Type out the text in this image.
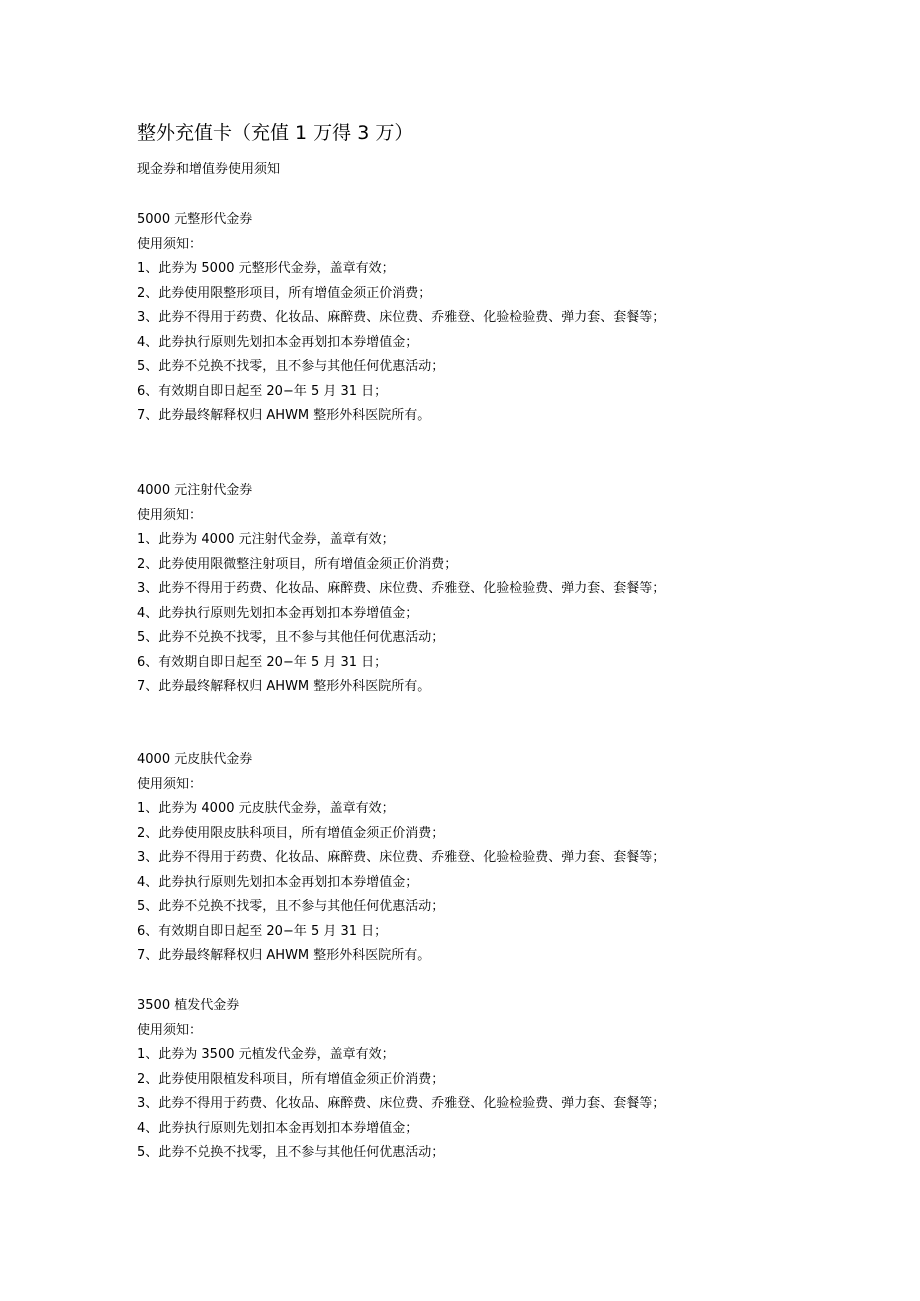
整外充值卡（充值 1 万得 3 万）
现金券和增值券使用须知
5000 元整形代金券
使用须知：
1、此券为 5000 元整形代金券，盖章有效；
2、此券使用限整形项目，所有增值金须正价消费；
3、此券不得用于药费、化妆品、麻醉费、床位费、乔雅登、化验检验费、弹力套、套餐等；
4、此券执行原则先划扣本金再划扣本券增值金；
5、此券不兑换不找零，且不参与其他任何优惠活动；
6、有效期自即日起至 20−年 5 月 31 日；
7、此券最终解释权归 AHWM 整形外科医院所有。
4000 元注射代金券
使用须知：
1、此券为 4000 元注射代金券，盖章有效；
2、此券使用限微整注射项目，所有增值金须正价消费；
3、此券不得用于药费、化妆品、麻醉费、床位费、乔雅登、化验检验费、弹力套、套餐等；
4、此券执行原则先划扣本金再划扣本券增值金；
5、此券不兑换不找零，且不参与其他任何优惠活动；
6、有效期自即日起至 20−年 5 月 31 日；
7、此券最终解释权归 AHWM 整形外科医院所有。
4000 元皮肤代金券
使用须知：
1、此券为 4000 元皮肤代金券，盖章有效；
2、此券使用限皮肤科项目，所有增值金须正价消费；
3、此券不得用于药费、化妆品、麻醉费、床位费、乔雅登、化验检验费、弹力套、套餐等；
4、此券执行原则先划扣本金再划扣本券增值金；
5、此券不兑换不找零，且不参与其他任何优惠活动；
6、有效期自即日起至 20−年 5 月 31 日；
7、此券最终解释权归 AHWM 整形外科医院所有。
3500 植发代金券
使用须知：
1、此券为 3500 元植发代金券，盖章有效；
2、此券使用限植发科项目，所有增值金须正价消费；
3、此券不得用于药费、化妆品、麻醉费、床位费、乔雅登、化验检验费、弹力套、套餐等；
4、此券执行原则先划扣本金再划扣本券增值金；
5、此券不兑换不找零，且不参与其他任何优惠活动；
